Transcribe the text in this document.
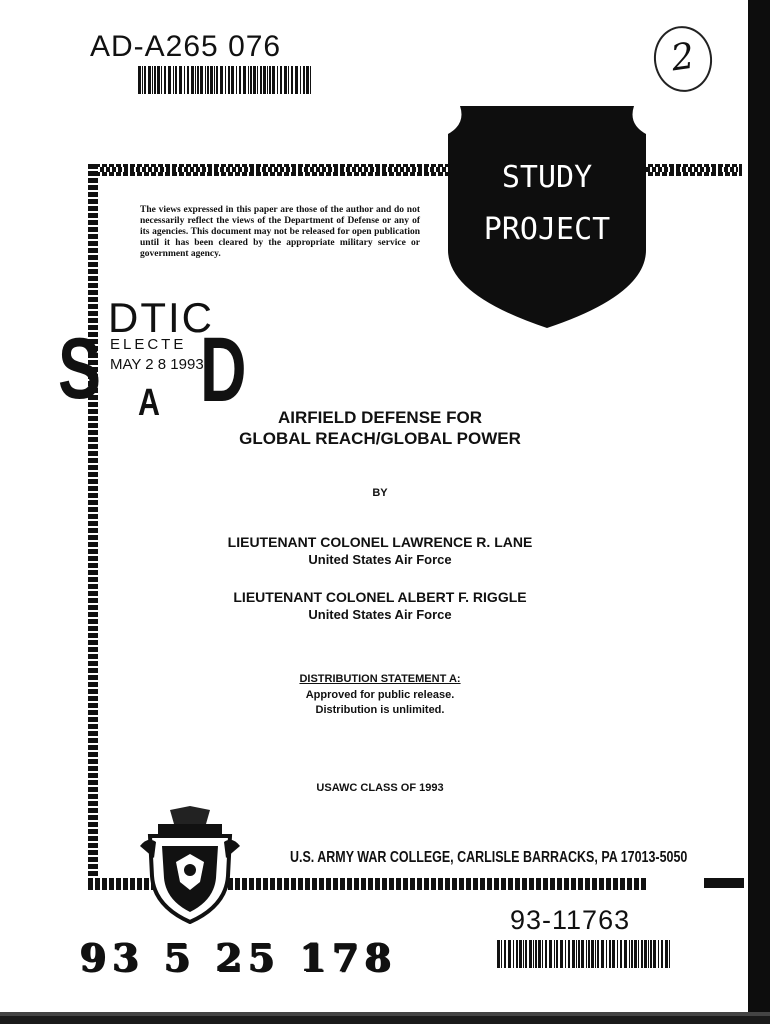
AD-A265 076	2
STUDY
PROJECT
The views expressed in this paper are those of the author and do not necessarily reflect the views of the Department of Defense or any of its agencies. This document may not be released for open publication until it has been cleared by the appropriate military service or government agency.
S
DTIC
ELECTE
MAY 2 8 1993
D
A	AIRFIELD DEFENSE FOR
GLOBAL REACH/GLOBAL POWER
BY
LIEUTENANT COLONEL LAWRENCE R. LANE
United States Air Force
LIEUTENANT COLONEL ALBERT F. RIGGLE
United States Air Force
DISTRIBUTION STATEMENT A:
Approved for public release.
Distribution is unlimited.
USAWC CLASS OF 1993
U.S. ARMY WAR COLLEGE, CARLISLE BARRACKS, PA 17013-5050
93-11763
93 5 25 178
